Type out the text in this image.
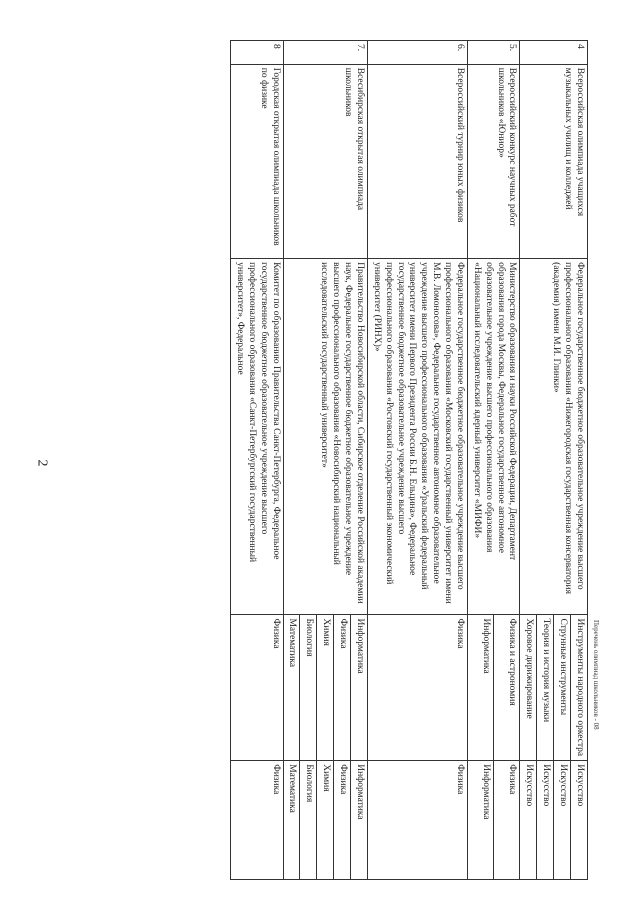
2
4	Всероссийская олимпиада учащихся музыкальных училищ и колледжей	Федеральное государственное бюджетное образовательное учреждение высшего профессионального образования «Нижегородская государственная консерватория (академия) имени М.И. Глинки»	Инструменты народного оркестра	Искусство
			Струнные инструменты	Искусство
			Теория и история музыки	Искусство
			Хоровое дирижирование	Искусство
5.	Всероссийский конкурс научных работ школьников «Юниор»	Министерство образования и науки Российской Федерации, Департамент образования города Москвы, Федеральное государственное автономное образовательное учреждение высшего профессионального образования «Национальный исследовательский ядерный университет «МИФИ»	Физика и астрономия	Физика
			Информатика	Информатика
6.	Всероссийский турнир юных физиков	Федеральное государственное бюджетное образовательное учреждение высшего профессионального образования «Московский государственный университет имени М.В. Ломоносова», Федеральное государственное автономное образовательное учреждение высшего профессионального образования «Уральский федеральный университет имени Первого Президента России Б.Н. Ельцина», Федеральное государственное бюджетное образовательное учреждение высшего профессионального образования «Ростовский государственный экономический университет (РИНХ)»	Физика	Физика
7.	Всесибирская открытая олимпиада школьников	Правительство Новосибирской области, Сибирское отделение Российской академии наук, Федеральное государственное бюджетное образовательное учреждение высшего профессионального образования «Новосибирский национальный исследовательский государственный университет»	Информатика	Информатика
			Физика	Физика
			Химия	Химия
			Биология	Биология
			Математика	Математика
8	Городская открытая олимпиада школьников по физике	Комитет по образованию Правительства Санкт-Петербурга, Федеральное государственное бюджетное образовательное учреждение высшего профессионального образования «Санкт-Петербургский государственный университет», Федеральное	Физика	Физика
Перечень олимпиад школьников - 08
